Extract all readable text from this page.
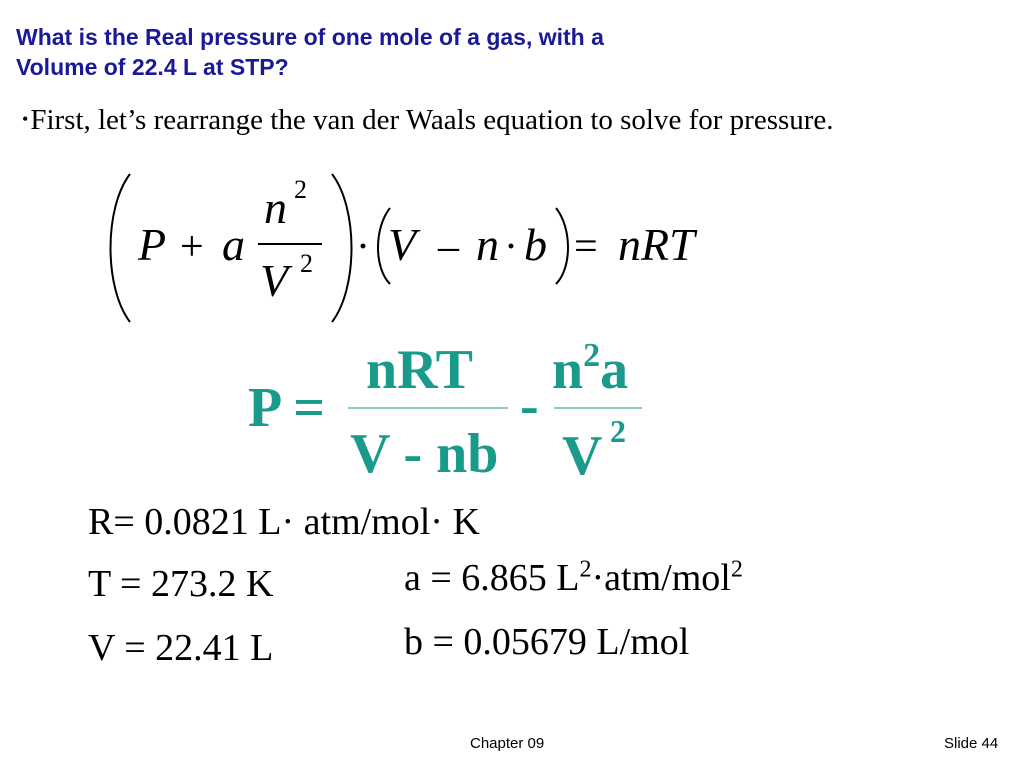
What is the Real pressure of one mole of a gas, with a
Volume of 22.4 L at STP?
•First, let’s rearrange the van der Waals equation to solve for pressure.
P + a
n 2
V 2 · V – n · b = nRT
P =
nRT
V - nb
-
$n^2a$
V 2
R= 0.0821 L· atm/mol· K
T = 273.2 K
V = 22.41 L
a = 6.865 $L^2\cdot atm/mol^2$
b = 0.05679 L/mol
Chapter 09	Slide 44
